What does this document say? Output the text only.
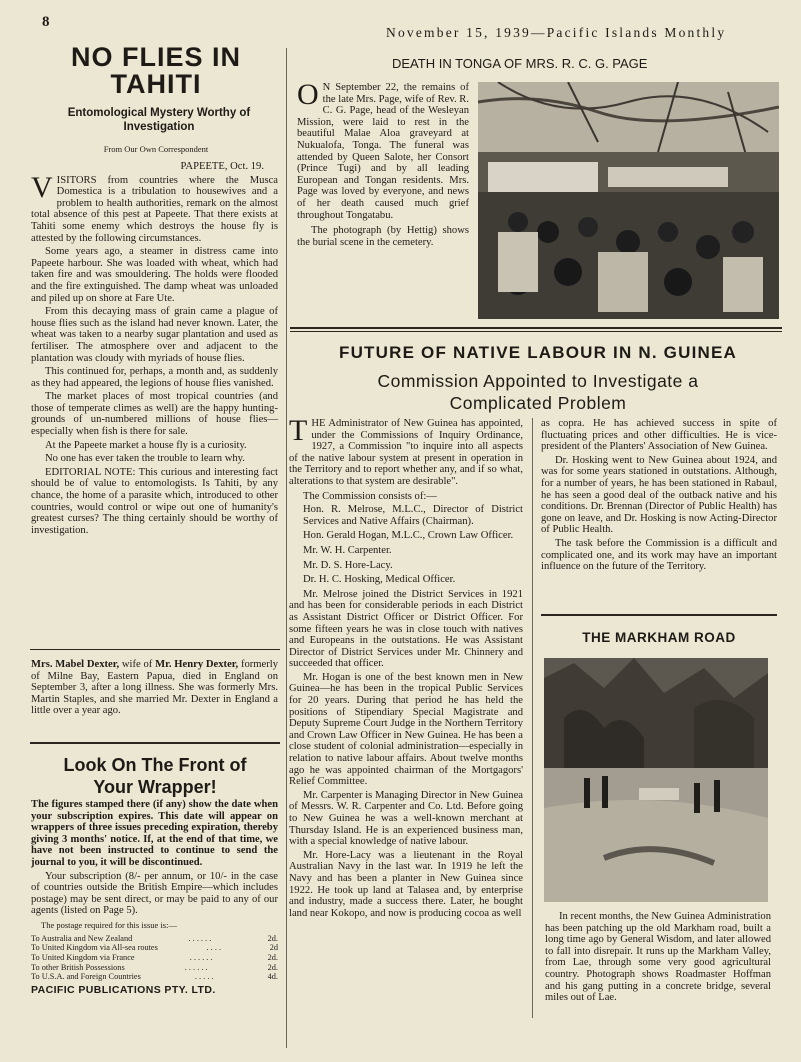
8
November 15, 1939—Pacific Islands Monthly
NO FLIES IN
TAHITI
Entomological Mystery Worthy of Investigation
From Our Own Correspondent

PAPEETE, Oct. 19.

VISITORS from countries where the Musca Domestica is a tribulation to housewives and a problem to health authorities, remark on the almost total absence of this pest at Papeete. That there exists at Tahiti some enemy which destroys the house fly is attested by the following circumstances.

Some years ago, a steamer in distress came into Papeete harbour. She was loaded with wheat, which had taken fire and was smouldering. The holds were flooded and the fire extinguished. The damp wheat was unloaded and piled up on shore at Fare Ute.

From this decaying mass of grain came a plague of house flies such as the island had never known. Later, the wheat was taken to a nearby sugar plantation and used as fertiliser. The atmosphere over and adjacent to the plantation was cloudy with myriads of house flies.

This continued for, perhaps, a month and, as suddenly as they had appeared, the legions of house flies vanished.

The market places of most tropical countries (and those of temperate climes as well) are the happy hunting-grounds of un-numbered millions of house flies—especially when fish is there for sale.

At the Papeete market a house fly is a curiosity.

No one has ever taken the trouble to learn why.

EDITORIAL NOTE: This curious and interesting fact should be of value to entomologists. Is Tahiti, by any chance, the home of a parasite which, introduced to other countries, would control or wipe out one of humanity's greatest curses? The thing certainly should be worthy of investigation.

Mrs. Mabel Dexter, wife of Mr. Henry Dexter, formerly of Milne Bay, Eastern Papua, died in England on September 3, after a long illness. She was formerly Mrs. Martin Staples, and she married Mr. Dexter in England a little over a year ago.

Look On The Front of
Your Wrapper!

The figures stamped there (if any) show the date when your subscription expires. This date will appear on wrappers of three issues preceding expiration, thereby giving 3 months' notice. If, at the end of that time, we have not been instructed to continue to send the journal to you, it will be discontinued.

Your subscription (8/- per annum, or 10/- in the case of countries outside the British Empire—which includes postage) may be sent direct, or may be paid to any of our agents (listed on Page 5).

The postage required for this issue is:—

To Australia and New Zealand	. . . . . .	2d.
To United Kingdom via All-sea routes	. . . .	2d
To United Kingdom via France	. . . . . .	2d.
To other British Possessions	. . . . . .	2d.
To U.S.A. and Foreign Countries	. . . . .	4d.

PACIFIC PUBLICATIONS PTY. LTD.

DEATH IN TONGA OF MRS. R. C. G. PAGE

O N September 22, the remains of the late Mrs. Page, wife of Rev. R. C. G. Page, head of the Wesleyan Mission, were laid to rest in the beautiful Malae Aloa graveyard at Nukualofa, Tonga. The funeral was attended by Queen Salote, her Consort (Prince Tugi) and by all leading European and Tongan residents. Mrs. Page was loved by everyone, and news of her death caused much grief throughout Tongatabu.

The photograph (by Hettig) shows the burial scene in the cemetery.

FUTURE OF NATIVE LABOUR IN N. GUINEA
Commission Appointed to Investigate a
Complicated Problem

THE Administrator of New Guinea has appointed, under the Commissions of Inquiry Ordinance, 1927, a Commission "to inquire into all aspects of the native labour system at present in operation in the Territory and to report whether any, and if so what, alterations to that system are desirable".

The Commission consists of:—

Hon. R. Melrose, M.L.C., Director of District Services and Native Affairs (Chairman).

Hon. Gerald Hogan, M.L.C., Crown Law Officer.

Mr. W. H. Carpenter.

Mr. D. S. Hore-Lacy.

Dr. H. C. Hosking, Medical Officer.

Mr. Melrose joined the District Services in 1921 and has been for considerable periods in each District as Assistant District Officer or District Officer. For some fifteen years he was in close touch with natives and Europeans in the outstations. He was Assistant Director of District Services under Mr. Chinnery and succeeded that officer.

Mr. Hogan is one of the best known men in New Guinea—he has been in the tropical Public Services for 20 years. During that period he has held the positions of Stipendiary Special Magistrate and Deputy Supreme Court Judge in the Northern Territory and Crown Law Officer in New Guinea. He has been a close student of colonial administration—especially in relation to native labour affairs. About twelve months ago he was appointed chairman of the Mortgagors' Relief Committee.

Mr. Carpenter is Managing Director in New Guinea of Messrs. W. R. Carpenter and Co. Ltd. Before going to New Guinea he was a well-known merchant at Thursday Island. He is an experienced business man, with a special knowledge of native labour.

Mr. Hore-Lacy was a lieutenant in the Royal Australian Navy in the last war. In 1919 he left the Navy and has been a planter in New Guinea since 1922. He took up land at Talasea and, by enterprise and industry, made a success there. Later, he bought land near Kokopo, and now is producing cocoa as well

as copra. He has achieved success in spite of fluctuating prices and other difficulties. He is vice-president of the Planters' Association of New Guinea.

Dr. Hosking went to New Guinea about 1924, and was for some years stationed in outstations. Although, for a number of years, he has been stationed in Rabaul, he has seen a good deal of the outback native and his conditions. Dr. Brennan (Director of Public Health) has gone on leave, and Dr. Hosking is now Acting-Director of Public Health.

The task before the Commission is a difficult and complicated one, and its work may have an important influence on the future of the Territory.

THE MARKHAM ROAD

In recent months, the New Guinea Administration has been patching up the old Markham road, built a long time ago by General Wisdom, and later allowed to fall into disrepair. It runs up the Markham Valley, from Lae, through some very good agricultural country. Photograph shows Roadmaster Hoffman and his gang putting in a concrete bridge, several miles out of Lae.
